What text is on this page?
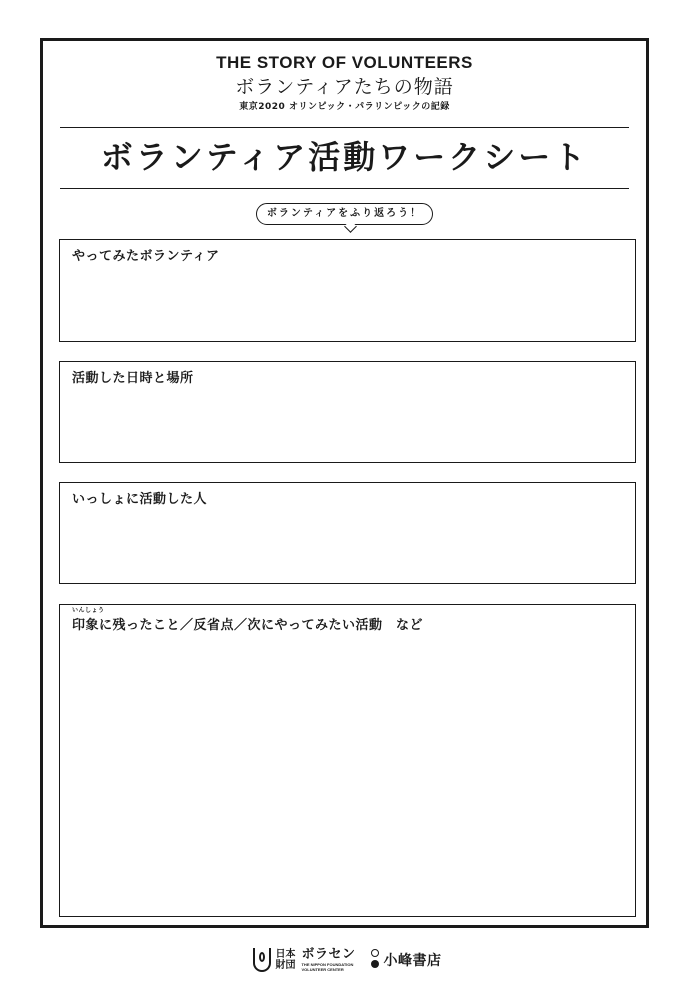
THE STORY OF VOLUNTEERS
ボランティアたちの物語
東京2020 オリンピック・パラリンピックの記録
ボランティア活動ワークシート
ボランティアをふり返ろう！
やってみたボランティア
活動した日時と場所
いっしょに活動した人
いんしょう
印象に残ったこと／反省点／次にやってみたい活動　など
日本財団
ボラセン
THE NIPPON FOUNDATION
VOLUNTEER CENTER
小峰書店
